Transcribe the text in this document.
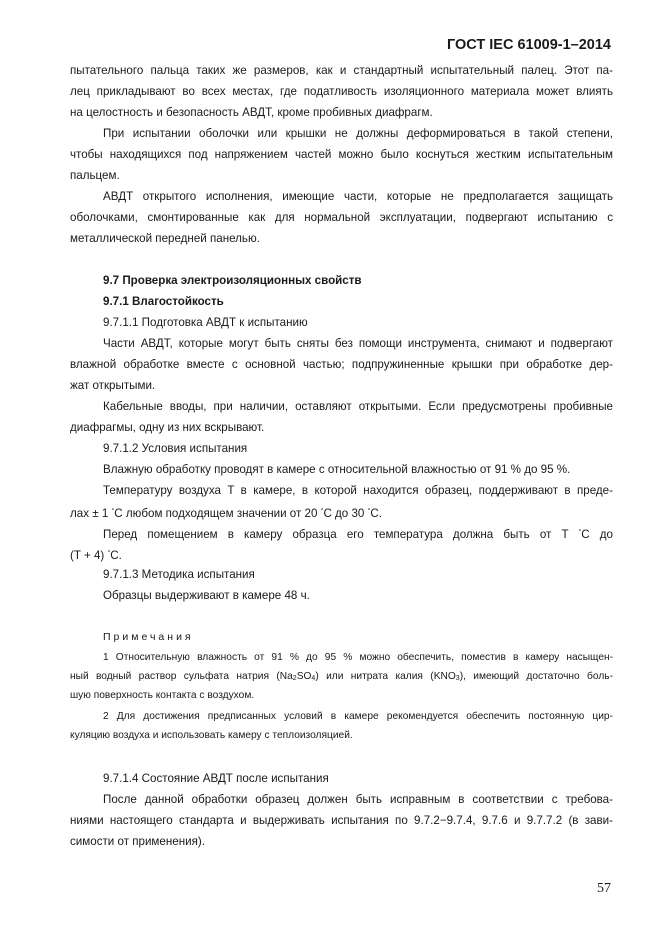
ГОСТ IEC 61009-1–2014
пытательного пальца таких же размеров, как и стандартный испытательный палец. Этот па-
лец прикладывают во всех местах, где податливость изоляционного материала может влиять
на целостность и безопасность АВДТ, кроме пробивных диафрагм.
При испытании оболочки или крышки не должны деформироваться в такой степени,
чтобы находящихся под напряжением частей можно было коснуться жестким испытательным
пальцем.
АВДТ открытого исполнения, имеющие части, которые не предполагается защищать
оболочками, смонтированные как для нормальной эксплуатации, подвергают испытанию с
металлической передней панелью.
9.7 Проверка электроизоляционных свойств
9.7.1 Влагостойкость
9.7.1.1 Подготовка АВДТ к испытанию
Части АВДТ, которые могут быть сняты без помощи инструмента, снимают и подвергают
влажной обработке вместе с основной частью; подпружиненные крышки при обработке дер-
жат открытыми.
Кабельные вводы, при наличии, оставляют открытыми. Если предусмотрены пробивные
диафрагмы, одну из них вскрывают.
9.7.1.2 Условия испытания
Влажную обработку проводят в камере с относительной влажностью от 91 % до 95 %.
Температуру воздуха T в камере, в которой находится образец, поддерживают в преде-
лах ± 1 °C любом подходящем значении от 20 °C до 30 °C.
Перед помещением в камеру образца его температура должна быть от T °C до
(T + 4) °C.
9.7.1.3 Методика испытания
Образцы выдерживают в камере 48 ч.
Примечания
1 Относительную влажность от 91 % до 95 % можно обеспечить, поместив в камеру насыщен-
ный водный раствор сульфата натрия $(Na_2SO_4)$ или нитрата калия $(KNO_3)$, имеющий достаточно боль-
шую поверхность контакта с воздухом.
2 Для достижения предписанных условий в камере рекомендуется обеспечить постоянную цир-
куляцию воздуха и использовать камеру с теплоизоляцией.
9.7.1.4 Состояние АВДТ после испытания
После данной обработки образец должен быть исправным в соответствии с требова-
ниями настоящего стандарта и выдерживать испытания по 9.7.2−9.7.4, 9.7.6 и 9.7.7.2 (в зави-
симости от применения).
57
